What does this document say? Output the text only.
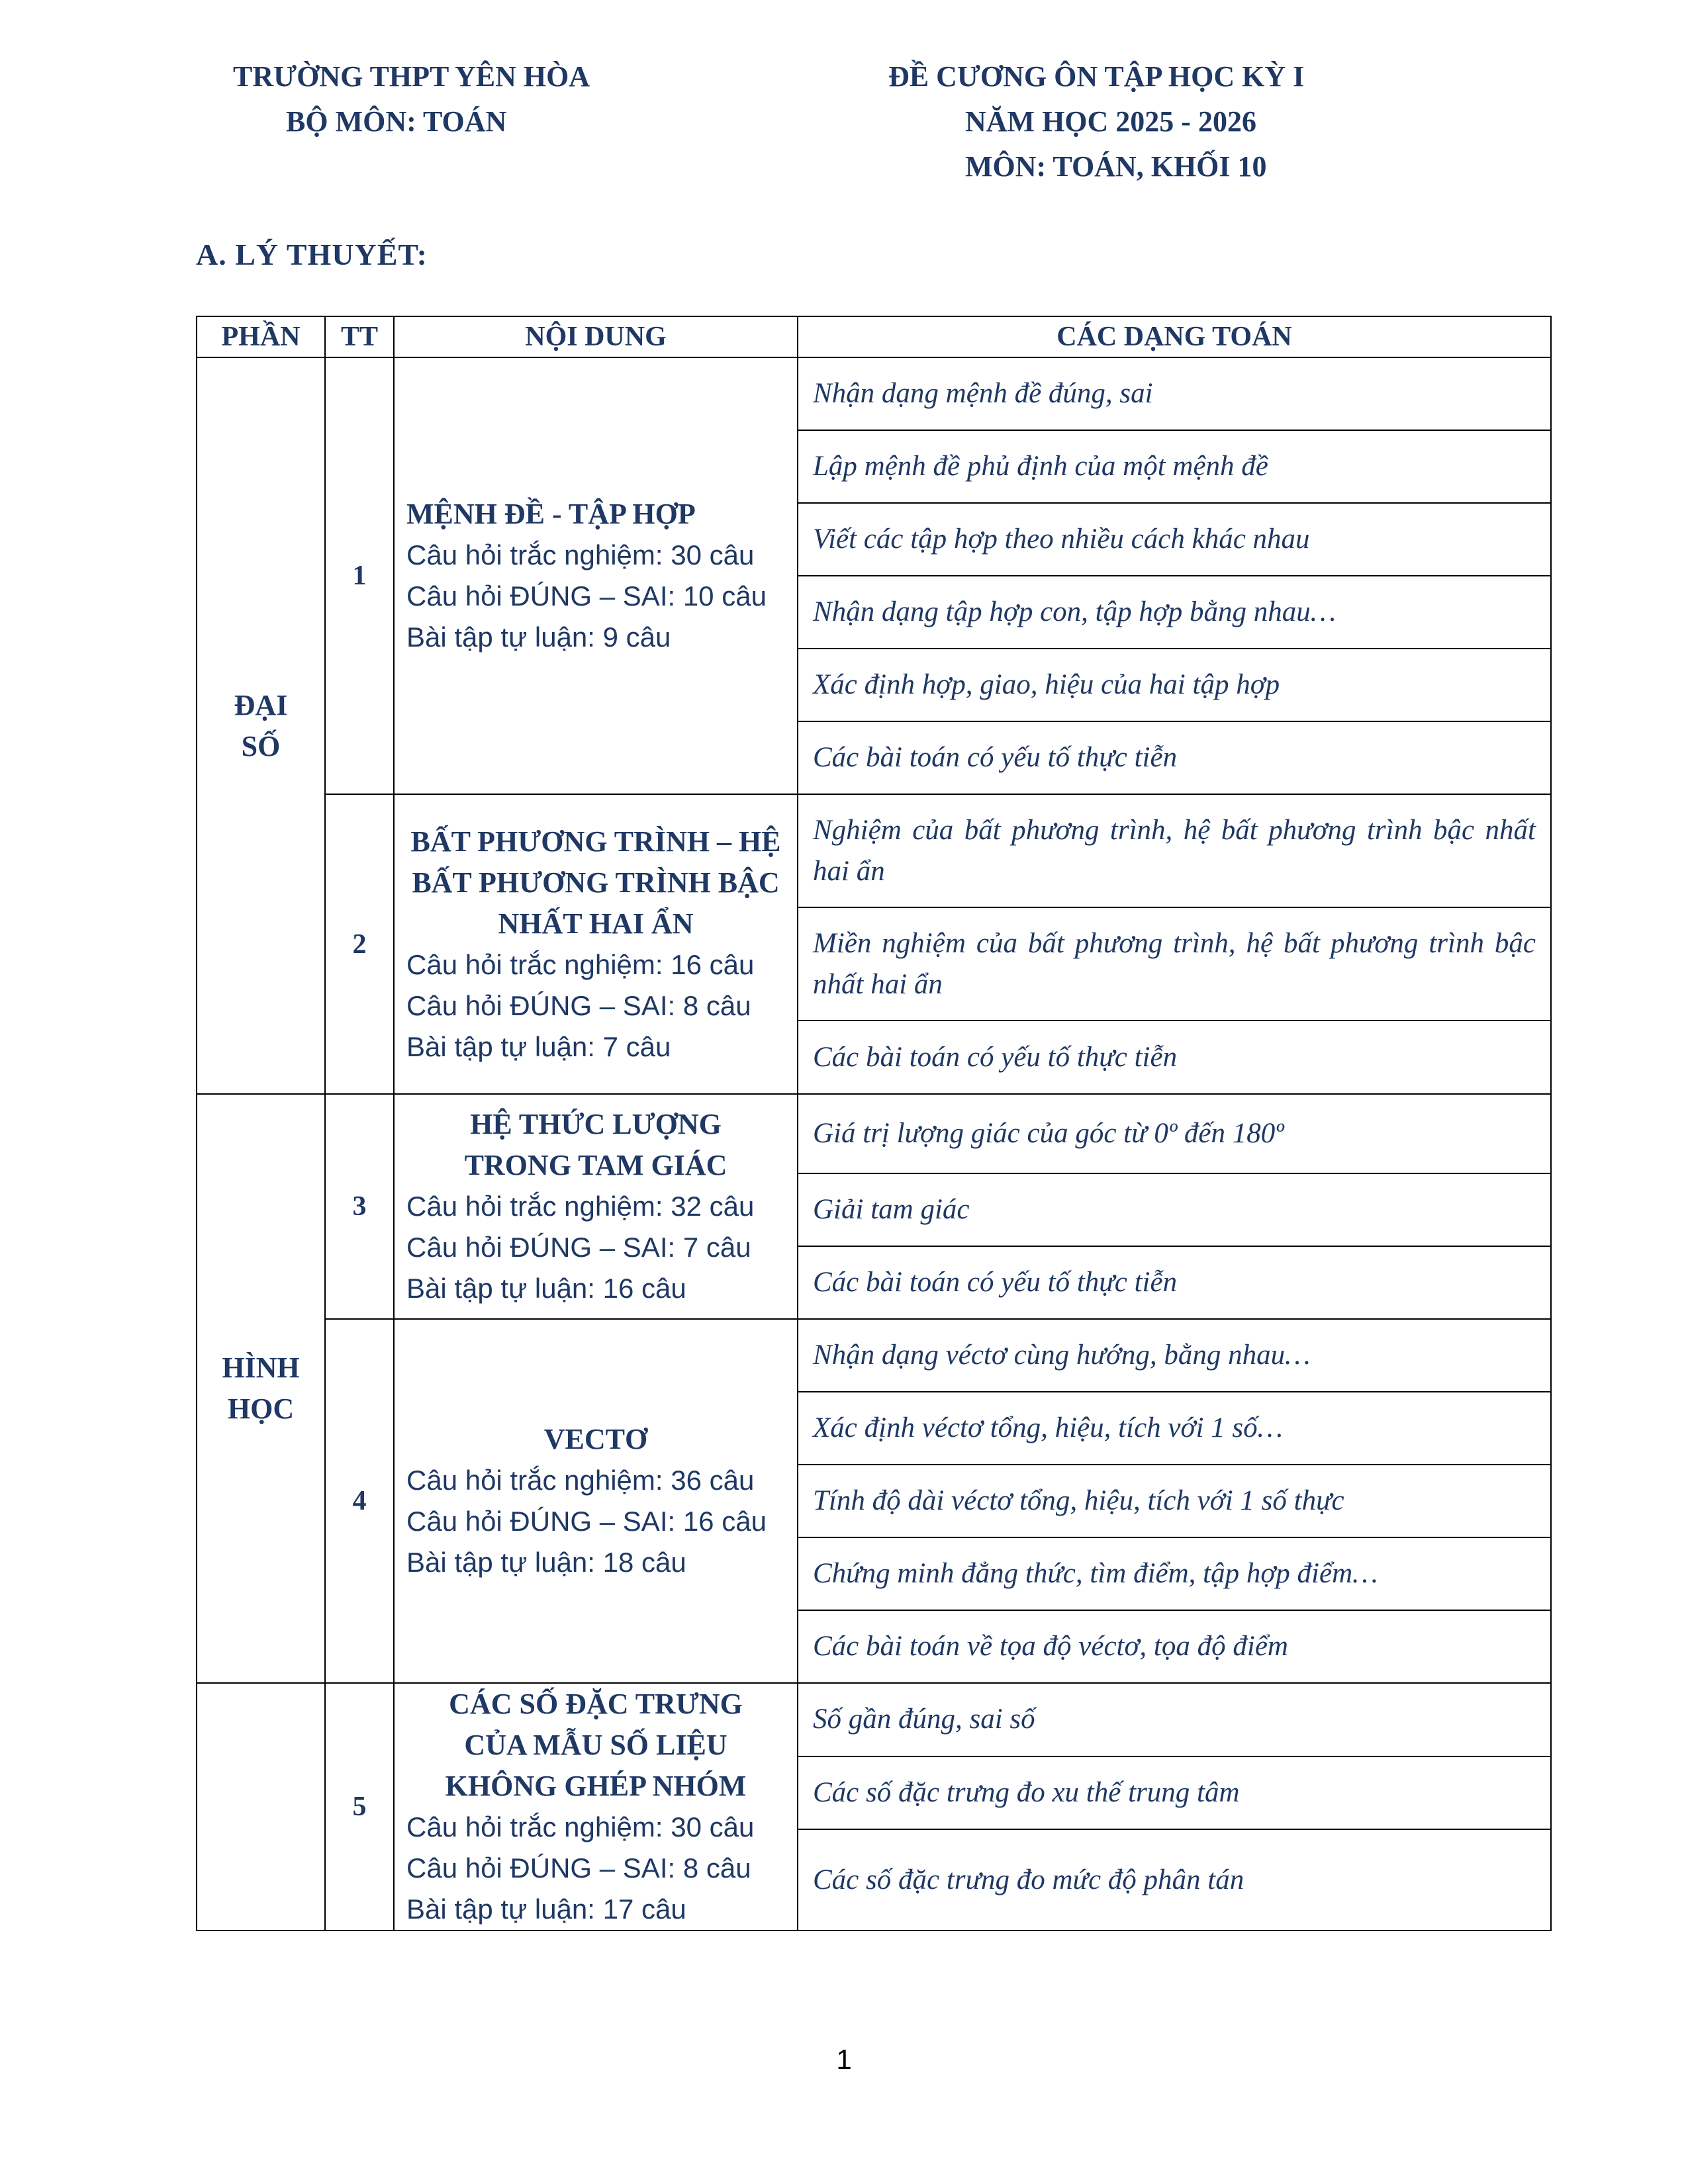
TRƯỜNG THPT YÊN HÒA
BỘ MÔN: TOÁN
ĐỀ CƯƠNG ÔN TẬP HỌC KỲ I
NĂM HỌC 2025 - 2026
MÔN: TOÁN, KHỐI 10
A. LÝ THUYẾT:
PHẦN	TT	NỘI DUNG	CÁC DẠNG TOÁN

ĐẠI SỐ	1	MỆNH ĐỀ - TẬP HỢP
Câu hỏi trắc nghiệm: 30 câu
Câu hỏi ĐÚNG – SAI: 10 câu
Bài tập tự luận: 9 câu	Nhận dạng mệnh đề đúng, sai
			Lập mệnh đề phủ định của một mệnh đề
			Viết các tập hợp theo nhiều cách khác nhau
			Nhận dạng tập hợp con, tập hợp bằng nhau…
			Xác định hợp, giao, hiệu của hai tập hợp
			Các bài toán có yếu tố thực tiễn
	2	BẤT PHƯƠNG TRÌNH – HỆ BẤT PHƯƠNG TRÌNH BẬC NHẤT HAI ẨN
Câu hỏi trắc nghiệm: 16 câu
Câu hỏi ĐÚNG – SAI: 8 câu
Bài tập tự luận: 7 câu	Nghiệm của bất phương trình, hệ bất phương trình bậc nhất hai ẩn
			Miền nghiệm của bất phương trình, hệ bất phương trình bậc nhất hai ẩn
			Các bài toán có yếu tố thực tiễn

HÌNH HỌC	3	HỆ THỨC LƯỢNG TRONG TAM GIÁC
Câu hỏi trắc nghiệm: 32 câu
Câu hỏi ĐÚNG – SAI: 7 câu
Bài tập tự luận: 16 câu	Giá trị lượng giác của góc từ 0º đến 180º
			Giải tam giác
			Các bài toán có yếu tố thực tiễn
	4	VECTƠ
Câu hỏi trắc nghiệm: 36 câu
Câu hỏi ĐÚNG – SAI: 16 câu
Bài tập tự luận: 18 câu	Nhận dạng véctơ cùng hướng, bằng nhau…
			Xác định véctơ tổng, hiệu, tích với 1 số…
			Tính độ dài véctơ tổng, hiệu, tích với 1 số thực
			Chứng minh đẳng thức, tìm điểm, tập hợp điểm…
			Các bài toán về tọa độ véctơ, tọa độ điểm
	5	CÁC SỐ ĐẶC TRƯNG CỦA MẪU SỐ LIỆU KHÔNG GHÉP NHÓM
Câu hỏi trắc nghiệm: 30 câu
Câu hỏi ĐÚNG – SAI: 8 câu
Bài tập tự luận: 17 câu	Số gần đúng, sai số
			Các số đặc trưng đo xu thế trung tâm
			Các số đặc trưng đo mức độ phân tán
1
